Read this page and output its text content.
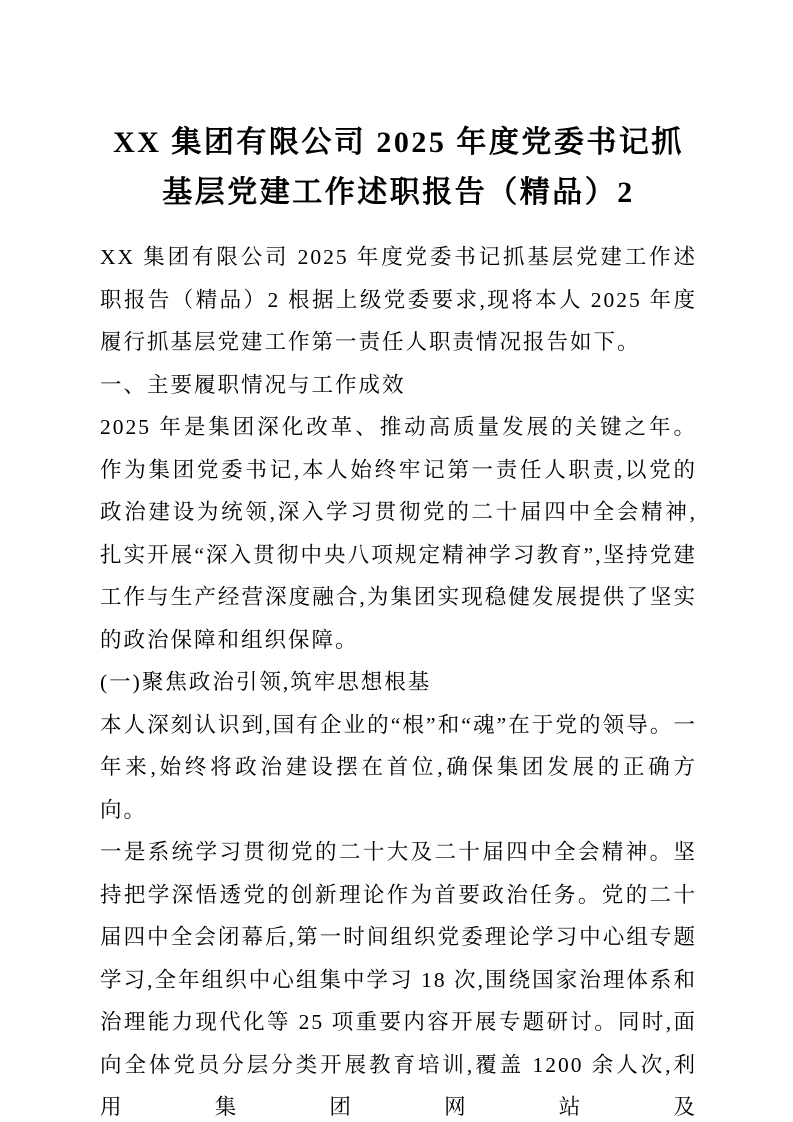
XX 集团有限公司 2025 年度党委书记抓基层党建工作述职报告（精品）2

XX 集团有限公司 2025 年度党委书记抓基层党建工作述职报告（精品）2 根据上级党委要求,现将本人 2025 年度履行抓基层党建工作第一责任人职责情况报告如下。

一、主要履职情况与工作成效

2025 年是集团深化改革、推动高质量发展的关键之年。作为集团党委书记,本人始终牢记第一责任人职责,以党的政治建设为统领,深入学习贯彻党的二十届四中全会精神,扎实开展“深入贯彻中央八项规定精神学习教育”,坚持党建工作与生产经营深度融合,为集团实现稳健发展提供了坚实的政治保障和组织保障。

(一)聚焦政治引领,筑牢思想根基

本人深刻认识到,国有企业的“根”和“魂”在于党的领导。一年来,始终将政治建设摆在首位,确保集团发展的正确方向。

一是系统学习贯彻党的二十大及二十届四中全会精神。坚持把学深悟透党的创新理论作为首要政治任务。党的二十届四中全会闭幕后,第一时间组织党委理论学习中心组专题学习,全年组织中心组集中学习 18 次,围绕国家治理体系和治理能力现代化等 25 项重要内容开展专题研讨。同时,面向全体党员分层分类开展教育培训,覆盖 1200 余人次,利用集团网站及
